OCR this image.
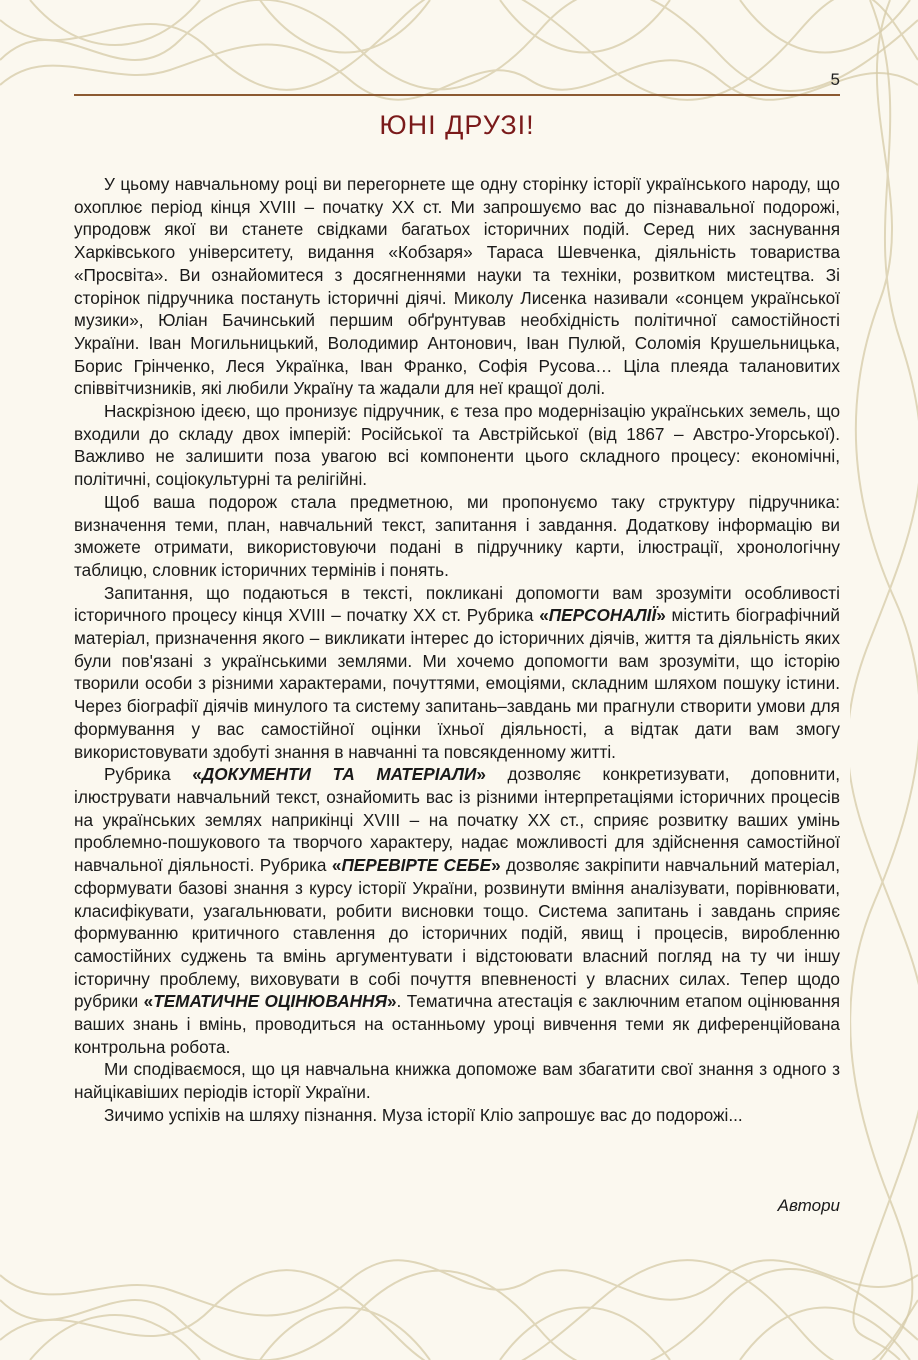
5
ЮНІ ДРУЗІ!

У цьому навчальному році ви перегорнете ще одну сторінку історії українського народу, що охоплює період кінця XVIII – початку XX ст. Ми запрошуємо вас до пізнавальної подорожі, упродовж якої ви станете свідками багатьох історичних подій. Серед них заснування Харківського університету, видання «Кобзаря» Тараса Шевченка, діяльність товариства «Просвіта». Ви ознайомитеся з досягненнями науки та техніки, розвитком мистецтва. Зі сторінок підручника постануть історичні діячі. Миколу Лисенка називали «сонцем української музики», Юліан Бачинський першим обґрунтував необхідність політичної самостійності України. Іван Могильницький, Володимир Антонович, Іван Пулюй, Соломія Крушельницька, Борис Грінченко, Леся Українка, Іван Франко, Софія Русова… Ціла плеяда талановитих співвітчизників, які любили Україну та жадали для неї кращої долі.

Наскрізною ідеєю, що пронизує підручник, є теза про модернізацію українських земель, що входили до складу двох імперій: Російської та Австрійської (від 1867 – Австро-Угорської). Важливо не залишити поза увагою всі компоненти цього складного процесу: економічні, політичні, соціокультурні та релігійні.

Щоб ваша подорож стала предметною, ми пропонуємо таку структуру підручника: визначення теми, план, навчальний текст, запитання і завдання. Додаткову інформацію ви зможете отримати, використовуючи подані в підручнику карти, ілюстрації, хронологічну таблицю, словник історичних термінів і понять.

Запитання, що подаються в тексті, покликані допомогти вам зрозуміти особливості історичного процесу кінця XVIII – початку XX ст. Рубрика «ПЕРСОНАЛІЇ» містить біографічний матеріал, призначення якого – викликати інтерес до історичних діячів, життя та діяльність яких були пов'язані з українськими землями. Ми хочемо допомогти вам зрозуміти, що історію творили особи з різними характерами, почуттями, емоціями, складним шляхом пошуку істини. Через біографії діячів минулого та систему запитань–завдань ми прагнули створити умови для формування у вас самостійної оцінки їхньої діяльності, а відтак дати вам змогу використовувати здобуті знання в навчанні та повсякденному житті.

Рубрика «ДОКУМЕНТИ ТА МАТЕРІАЛИ» дозволяє конкретизувати, доповнити, ілюструвати навчальний текст, ознайомить вас із різними інтерпретаціями історичних процесів на українських землях наприкінці XVIII – на початку XX ст., сприяє розвитку ваших умінь проблемно-пошукового та творчого характеру, надає можливості для здійснення самостійної навчальної діяльності. Рубрика «ПЕРЕВІРТЕ СЕБЕ» дозволяє закріпити навчальний матеріал, сформувати базові знання з курсу історії України, розвинути вміння аналізувати, порівнювати, класифікувати, узагальнювати, робити висновки тощо. Система запитань і завдань сприяє формуванню критичного ставлення до історичних подій, явищ і процесів, виробленню самостійних суджень та вмінь аргументувати і відстоювати власний погляд на ту чи іншу історичну проблему, виховувати в собі почуття впевненості у власних силах. Тепер щодо рубрики «ТЕМАТИЧНЕ ОЦІНЮВАННЯ». Тематична атестація є заключним етапом оцінювання ваших знань і вмінь, проводиться на останньому уроці вивчення теми як диференційована контрольна робота.

Ми сподіваємося, що ця навчальна книжка допоможе вам збагатити свої знання з одного з найцікавіших періодів історії України.

Зичимо успіхів на шляху пізнання. Муза історії Кліо запрошує вас до подорожі...

Автори
